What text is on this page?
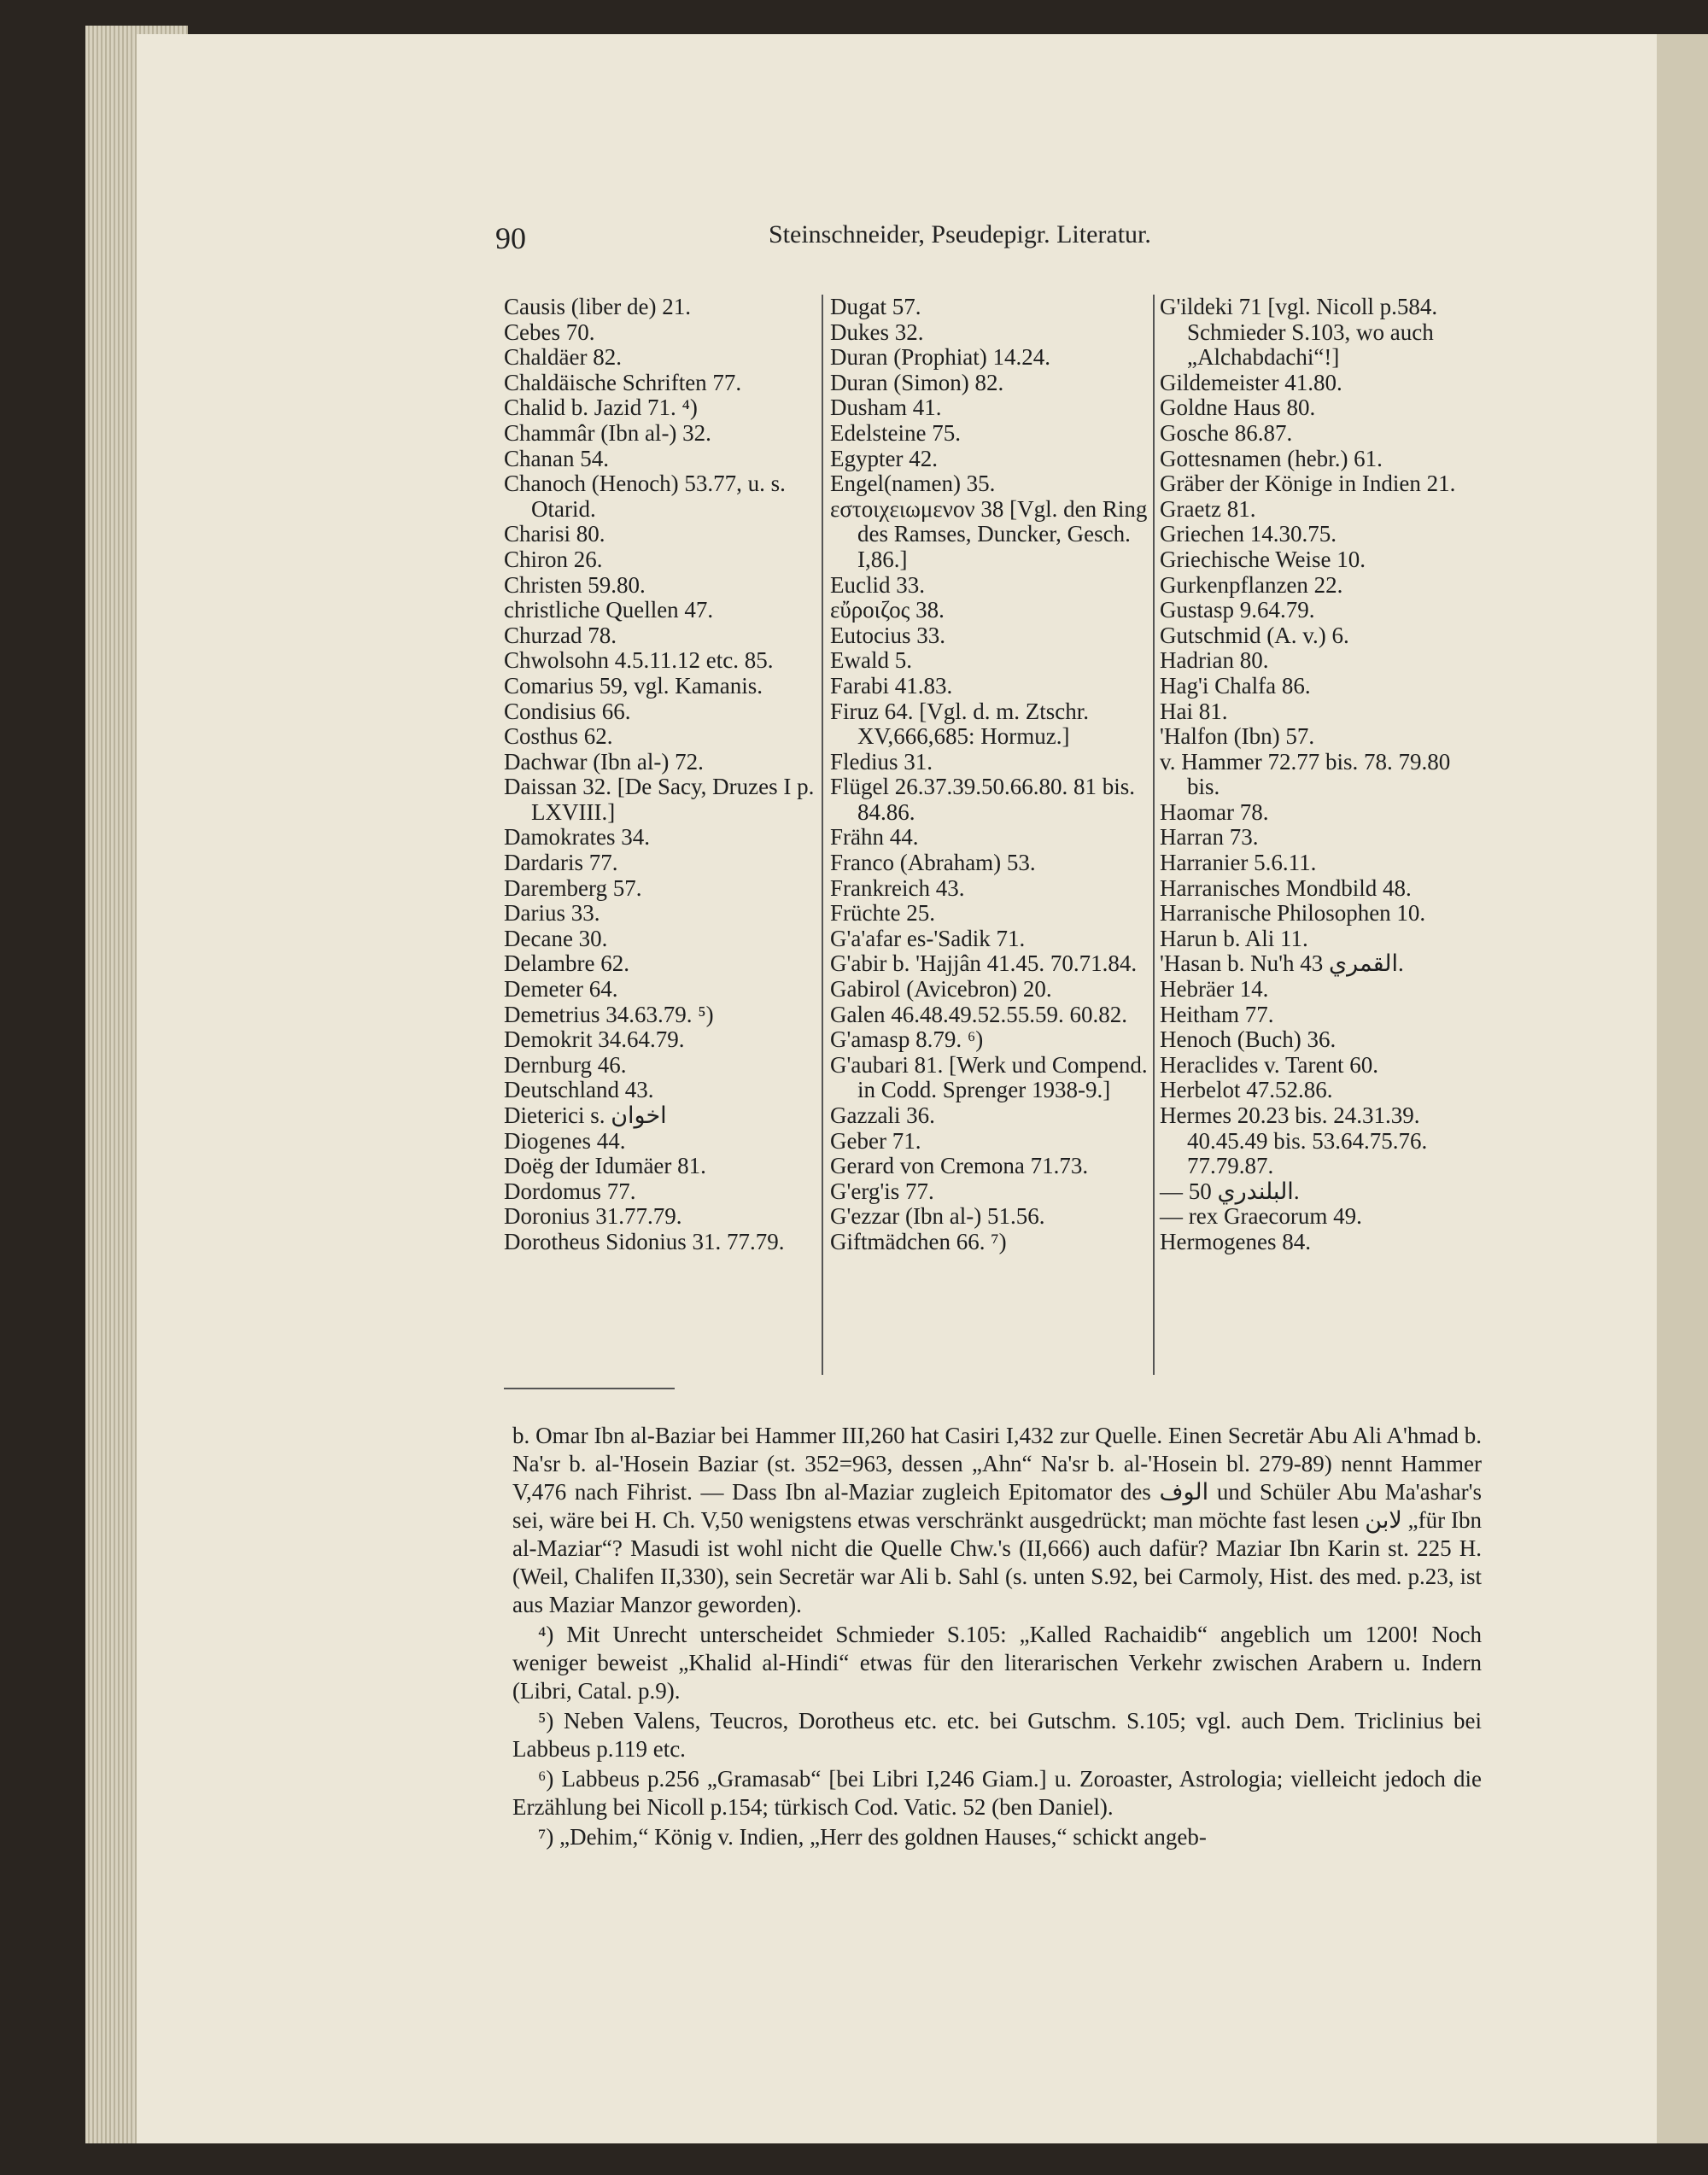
90	Steinschneider, Pseudepigr. Literatur.
Causis (liber de) 21.
Cebes 70.
Chaldäer 82.
Chaldäische Schriften 77.
Chalid b. Jazid 71. ⁴)
Chammâr (Ibn al-) 32.
Chanan 54.
Chanoch (Henoch) 53.77, u. s. Otarid.
Charisi 80.
Chiron 26.
Christen 59.80.
christliche Quellen 47.
Churzad 78.
Chwolsohn 4.5.11.12 etc. 85.
Comarius 59, vgl. Kamanis.
Condisius 66.
Costhus 62.
Dachwar (Ibn al-) 72.
Daissan 32. [De Sacy, Druzes I p. LXVIII.]
Damokrates 34.
Dardaris 77.
Daremberg 57.
Darius 33.
Decane 30.
Delambre 62.
Demeter 64.
Demetrius 34.63.79. ⁵)
Demokrit 34.64.79.
Dernburg 46.
Deutschland 43.
Dieterici s. اخوان
Diogenes 44.
Doëg der Idumäer 81.
Dordomus 77.
Doronius 31.77.79.
Dorotheus Sidonius 31. 77.79.
Dugat 57.
Dukes 32.
Duran (Prophiat) 14.24.
Duran (Simon) 82.
Dusham 41.
Edelsteine 75.
Egypter 42.
Engel(namen) 35.
εστοιχειωμενον 38 [Vgl. den Ring des Ramses, Duncker, Gesch. I,86.]
Euclid 33.
εὔροιζος 38.
Eutocius 33.
Ewald 5.
Farabi 41.83.
Firuz 64. [Vgl. d. m. Ztschr. XV,666,685: Hormuz.]
Fledius 31.
Flügel 26.37.39.50.66.80. 81 bis. 84.86.
Frähn 44.
Franco (Abraham) 53.
Frankreich 43.
Früchte 25.
G'a'afar es-'Sadik 71.
G'abir b. 'Hajjân 41.45. 70.71.84.
Gabirol (Avicebron) 20.
Galen 46.48.49.52.55.59. 60.82.
G'amasp 8.79. ⁶)
G'aubari 81. [Werk und Compend. in Codd. Sprenger 1938-9.]
Gazzali 36.
Geber 71.
Gerard von Cremona 71.73.
G'erg'is 77.
G'ezzar (Ibn al-) 51.56.
Giftmädchen 66. ⁷)
G'ildeki 71 [vgl. Nicoll p.584. Schmieder S.103, wo auch „Alchabdachi“!]
Gildemeister 41.80.
Goldne Haus 80.
Gosche 86.87.
Gottesnamen (hebr.) 61.
Gräber der Könige in Indien 21.
Graetz 81.
Griechen 14.30.75.
Griechische Weise 10.
Gurkenpflanzen 22.
Gustasp 9.64.79.
Gutschmid (A. v.) 6.
Hadrian 80.
Hag'i Chalfa 86.
Hai 81.
'Halfon (Ibn) 57.
v. Hammer 72.77 bis. 78. 79.80 bis.
Haomar 78.
Harran 73.
Harranier 5.6.11.
Harranisches Mondbild 48.
Harranische Philosophen 10.
Harun b. Ali 11.
'Hasan b. Nu'h القمري 43.
Hebräer 14.
Heitham 77.
Henoch (Buch) 36.
Heraclides v. Tarent 60.
Herbelot 47.52.86.
Hermes 20.23 bis. 24.31.39. 40.45.49 bis. 53.64.75.76. 77.79.87.
— البلندري 50.
— rex Graecorum 49.
Hermogenes 84.

b. Omar Ibn al-Baziar bei Hammer III,260 hat Casiri I,432 zur Quelle. Einen Secretär Abu Ali A'hmad b. Na'sr b. al-'Hosein Baziar (st. 352=963, dessen „Ahn“ Na'sr b. al-'Hosein bl. 279-89) nennt Hammer V,476 nach Fihrist. — Dass Ibn al-Maziar zugleich Epitomator des الوف und Schüler Abu Ma'ashar's sei, wäre bei H. Ch. V,50 wenigstens etwas verschränkt ausgedrückt; man möchte fast lesen لابن „für Ibn al-Maziar“? Masudi ist wohl nicht die Quelle Chw.'s (II,666) auch dafür? Maziar Ibn Karin st. 225 H. (Weil, Chalifen II,330), sein Secretär war Ali b. Sahl (s. unten S.92, bei Carmoly, Hist. des med. p.23, ist aus Maziar Manzor geworden).

⁴) Mit Unrecht unterscheidet Schmieder S.105: „Kalled Rachaidib“ angeblich um 1200! Noch weniger beweist „Khalid al-Hindi“ etwas für den literarischen Verkehr zwischen Arabern u. Indern (Libri, Catal. p.9).

⁵) Neben Valens, Teucros, Dorotheus etc. etc. bei Gutschm. S.105; vgl. auch Dem. Triclinius bei Labbeus p.119 etc.

⁶) Labbeus p.256 „Gramasab“ [bei Libri I,246 Giam.] u. Zoroaster, Astrologia; vielleicht jedoch die Erzählung bei Nicoll p.154; türkisch Cod. Vatic. 52 (ben Daniel).

⁷) „Dehim,“ König v. Indien, „Herr des goldnen Hauses,“ schickt angeb-
